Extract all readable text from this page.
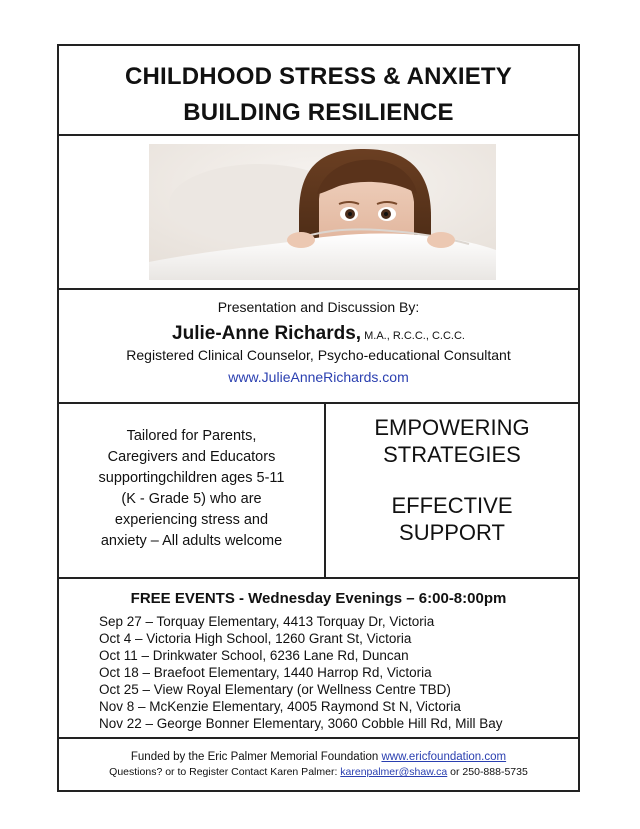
CHILDHOOD STRESS & ANXIETY
BUILDING RESILIENCE
Presentation and Discussion By:
Julie-Anne Richards, M.A., R.C.C., C.C.C.
Registered Clinical Counselor, Psycho-educational Consultant
www.JulieAnneRichards.com
Tailored for Parents,
Caregivers and Educators
supportingchildren ages 5-11
(K - Grade 5) who are
experiencing stress and
anxiety – All adults welcome
EMPOWERING
STRATEGIES
EFFECTIVE
SUPPORT
FREE EVENTS - Wednesday Evenings – 6:00-8:00pm
Sep 27 – Torquay Elementary, 4413 Torquay Dr, Victoria
Oct 4 – Victoria High School, 1260 Grant St, Victoria
Oct 11 – Drinkwater School, 6236 Lane Rd, Duncan
Oct 18 – Braefoot Elementary, 1440 Harrop Rd, Victoria
Oct 25 – View Royal Elementary (or Wellness Centre TBD)
Nov 8 – McKenzie Elementary, 4005 Raymond St N, Victoria
Nov 22 – George Bonner Elementary, 3060 Cobble Hill Rd, Mill Bay
Funded by the Eric Palmer Memorial Foundation www.ericfoundation.com
Questions? or to Register Contact Karen Palmer: karenpalmer@shaw.ca or 250-888-5735
